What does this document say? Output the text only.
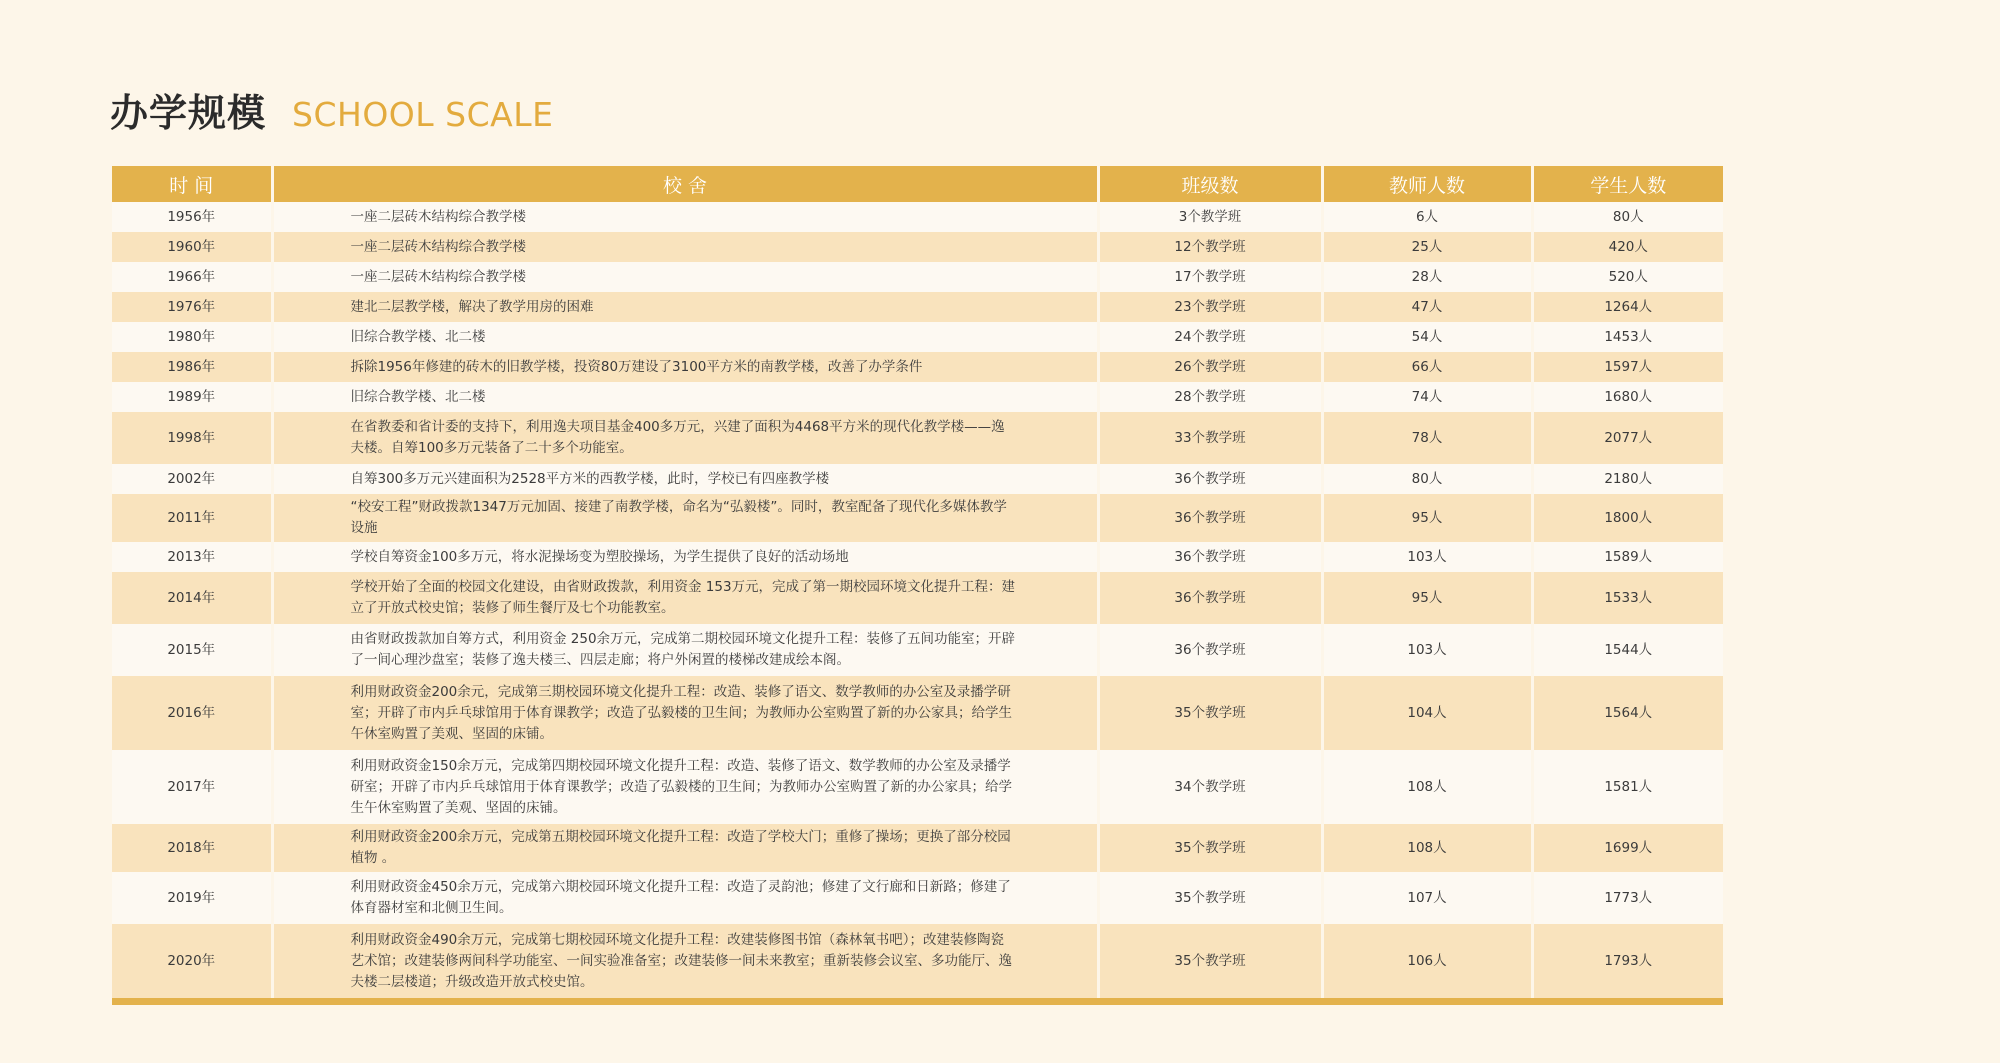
办学规模 SCHOOL SCALE
时 间	校 舍	班级数	教师人数	学生人数
1956年	一座二层砖木结构综合教学楼	3个教学班	6人	80人
1960年	一座二层砖木结构综合教学楼	12个教学班	25人	420人
1966年	一座二层砖木结构综合教学楼	17个教学班	28人	520人
1976年	建北二层教学楼，解决了教学用房的困难	23个教学班	47人	1264人
1980年	旧综合教学楼、北二楼	24个教学班	54人	1453人
1986年	拆除1956年修建的砖木的旧教学楼，投资80万建设了3100平方米的南教学楼，改善了办学条件	26个教学班	66人	1597人
1989年	旧综合教学楼、北二楼	28个教学班	74人	1680人
1998年	在省教委和省计委的支持下，利用逸夫项目基金400多万元，兴建了面积为4468平方米的现代化教学楼——逸夫楼。自筹100多万元装备了二十多个功能室。	33个教学班	78人	2077人
2002年	自筹300多万元兴建面积为2528平方米的西教学楼，此时，学校已有四座教学楼	36个教学班	80人	2180人
2011年	“校安工程”财政拨款1347万元加固、接建了南教学楼，命名为“弘毅楼”。同时，教室配备了现代化多媒体教学设施	36个教学班	95人	1800人
2013年	学校自筹资金100多万元，将水泥操场变为塑胶操场，为学生提供了良好的活动场地	36个教学班	103人	1589人
2014年	学校开始了全面的校园文化建设，由省财政拨款，利用资金 153万元，完成了第一期校园环境文化提升工程：建立了开放式校史馆；装修了师生餐厅及七个功能教室。	36个教学班	95人	1533人
2015年	由省财政拨款加自筹方式，利用资金 250余万元，完成第二期校园环境文化提升工程：装修了五间功能室；开辟了一间心理沙盘室；装修了逸夫楼三、四层走廊；将户外闲置的楼梯改建成绘本阁。	36个教学班	103人	1544人
2016年	利用财政资金200余元，完成第三期校园环境文化提升工程：改造、装修了语文、数学教师的办公室及录播学研室；开辟了市内乒乓球馆用于体育课教学；改造了弘毅楼的卫生间；为教师办公室购置了新的办公家具；给学生午休室购置了美观、坚固的床铺。	35个教学班	104人	1564人
2017年	利用财政资金150余万元，完成第四期校园环境文化提升工程：改造、装修了语文、数学教师的办公室及录播学研室；开辟了市内乒乓球馆用于体育课教学；改造了弘毅楼的卫生间；为教师办公室购置了新的办公家具；给学生午休室购置了美观、坚固的床铺。	34个教学班	108人	1581人
2018年	利用财政资金200余万元，完成第五期校园环境文化提升工程：改造了学校大门；重修了操场；更换了部分校园植物 。	35个教学班	108人	1699人
2019年	利用财政资金450余万元，完成第六期校园环境文化提升工程：改造了灵韵池；修建了文行廊和日新路；修建了体育器材室和北侧卫生间。	35个教学班	107人	1773人
2020年	利用财政资金490余万元，完成第七期校园环境文化提升工程：改建装修图书馆（森林氧书吧）；改建装修陶瓷艺术馆；改建装修两间科学功能室、一间实验准备室；改建装修一间未来教室；重新装修会议室、多功能厅、逸夫楼二层楼道；升级改造开放式校史馆。	35个教学班	106人	1793人
